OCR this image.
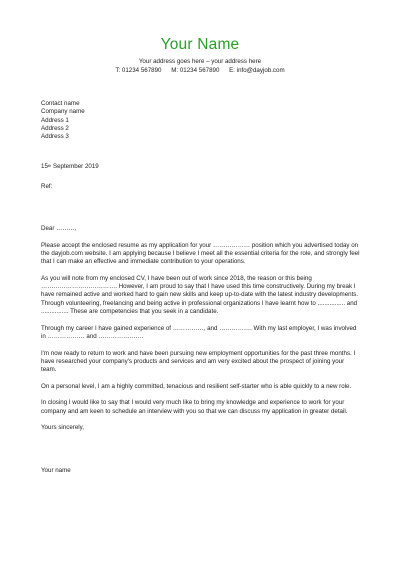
Your Name
Your address goes here – your address here
T: 01234 567890 M: 01234 567890 E: info@dayjob.com
Contact name
Company name
Address 1
Address 2
Address 3
15th September 2019
Ref:
Dear ………,

Please accept the enclosed resume as my application for your ……………… position which you advertised today on the dayjob.com website. I am applying because I believe I meet all the essential criteria for the role, and strongly feel that I can make an effective and immediate contribution to your operations.

As you will note from my enclosed CV, I have been out of work since 2018, the reason or this being ………………………………. However, I am proud to say that I have used this time constructively. During my break I have remained active and worked hard to gain new skills and keep up-to-date with the latest industry developments. Through volunteering, freelancing and being active in professional organizations I have learnt how to ................ and ................ These are competencies that you seek in a candidate.

Through my career I have gained experience of ……………, and ……………. With my last employer, I was involved in ……………… and ………………….

I'm now ready to return to work and have been pursuing new employment opportunities for the past three months. I have researched your company's products and services and am very excited about the prospect of joining your team.

On a personal level, I am a highly committed, tenacious and resilient self-starter who is able quickly to a new role.

In closing I would like to say that I would very much like to bring my knowledge and experience to work for your company and am keen to schedule an interview with you so that we can discuss my application in greater detail.

Yours sincerely,
Your name
